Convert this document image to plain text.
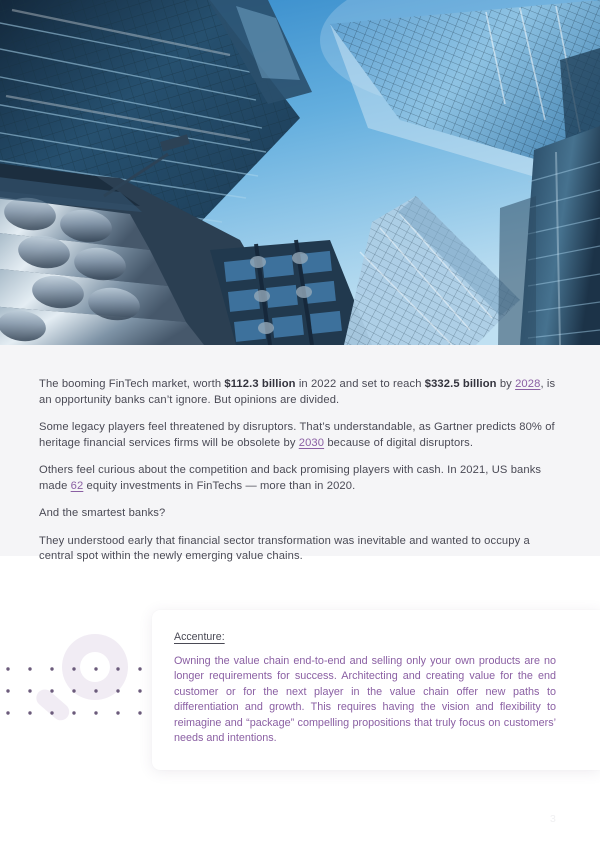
The booming FinTech market, worth $112.3 billion in 2022 and set to reach $332.5 billion by 2028, is an opportunity banks can’t ignore. But opinions are divided.

Some legacy players feel threatened by disruptors. That’s understandable, as Gartner predicts 80% of heritage financial services firms will be obsolete by 2030 because of digital disruptors.

Others feel curious about the competition and back promising players with cash. In 2021, US banks made 62 equity investments in FinTechs — more than in 2020.

And the smartest banks?

They understood early that financial sector transformation was inevitable and wanted to occupy a central spot within the newly emerging value chains.

Accenture:

Owning the value chain end-to-end and selling only your own products are no longer requirements for success. Architecting and creating value for the end customer or for the next player in the value chain offer new paths to differentiation and growth. This requires having the vision and flexibility to reimagine and “package” compelling propositions that truly focus on customers’ needs and intentions.

3
